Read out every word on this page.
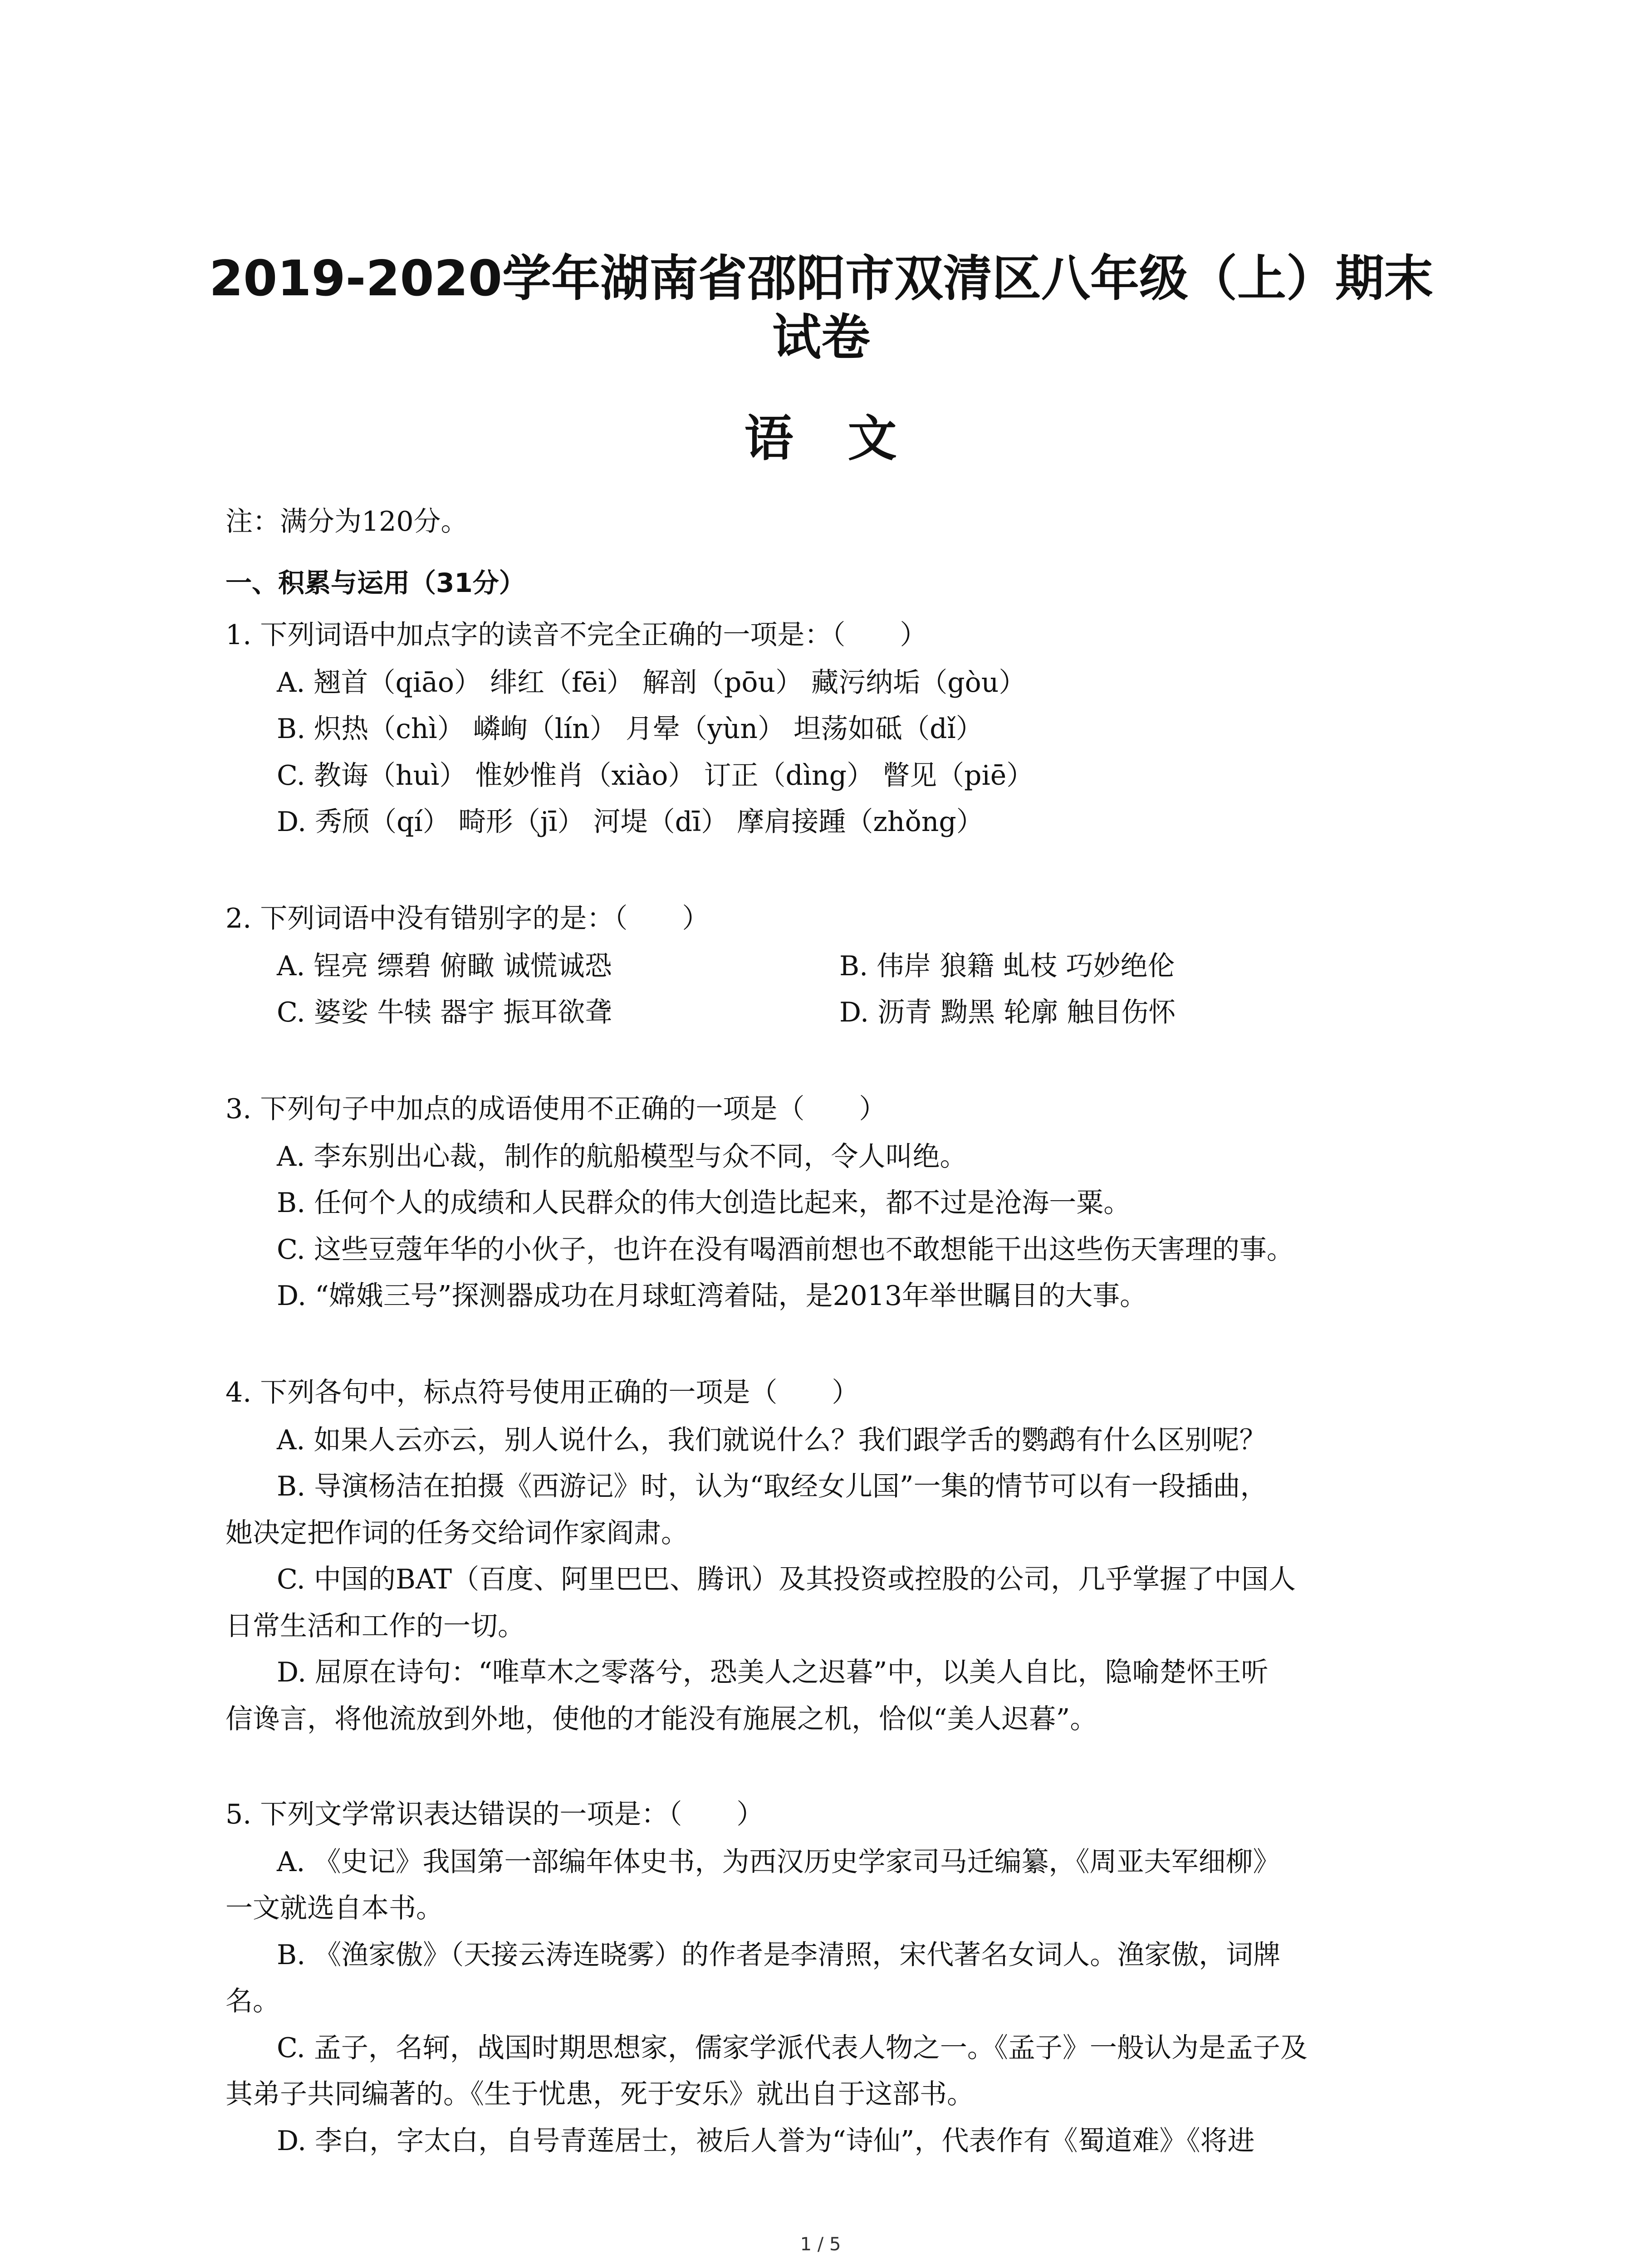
2019-2020学年湖南省邵阳市双清区八年级（上）期末
试卷
语文
注：满分为120分。
一、积累与运用（31分）
1. 下列词语中加点字的读音不完全正确的一项是：（　　）
A. 翘首（qiāo） 绯红（fēi） 解剖（pōu） 藏污纳垢（gòu）
B. 炽热（chì） 嶙峋（lín） 月晕（yùn） 坦荡如砥（dǐ）
C. 教诲（huì） 惟妙惟肖（xiào） 订正（dìng） 瞥见（piē）
D. 秀颀（qí） 畸形（jī） 河堤（dī） 摩肩接踵（zhǒng）
2. 下列词语中没有错别字的是：（　　）
A. 锃亮 缥碧 俯瞰 诚慌诚恐	B. 伟岸 狼籍 虬枝 巧妙绝伦
C. 婆娑 牛犊 器宇 振耳欲聋	D. 沥青 黝黑 轮廓 触目伤怀
3. 下列句子中加点的成语使用不正确的一项是（　　）
A. 李东别出心裁，制作的航船模型与众不同，令人叫绝。
B. 任何个人的成绩和人民群众的伟大创造比起来，都不过是沧海一粟。
C. 这些豆蔻年华的小伙子，也许在没有喝酒前想也不敢想能干出这些伤天害理的事。
D. “嫦娥三号”探测器成功在月球虹湾着陆，是2013年举世瞩目的大事。
4. 下列各句中，标点符号使用正确的一项是（　　）
A. 如果人云亦云，别人说什么，我们就说什么？我们跟学舌的鹦鹉有什么区别呢？
B. 导演杨洁在拍摄《西游记》时，认为“取经女儿国”一集的情节可以有一段插曲，
她决定把作词的任务交给词作家阎肃。
C. 中国的BAT（百度、阿里巴巴、腾讯）及其投资或控股的公司，几乎掌握了中国人
日常生活和工作的一切。
D. 屈原在诗句：“唯草木之零落兮，恐美人之迟暮”中，以美人自比，隐喻楚怀王听
信谗言，将他流放到外地，使他的才能没有施展之机，恰似“美人迟暮”。
5. 下列文学常识表达错误的一项是：（　　）
A. 《史记》我国第一部编年体史书，为西汉历史学家司马迁编纂，《周亚夫军细柳》
一文就选自本书。
B. 《渔家傲》（天接云涛连晓雾）的作者是李清照，宋代著名女词人。渔家傲，词牌
名。
C. 孟子，名轲，战国时期思想家，儒家学派代表人物之一。《孟子》一般认为是孟子及
其弟子共同编著的。《生于忧患，死于安乐》就出自于这部书。
D. 李白，字太白，自号青莲居士，被后人誉为“诗仙”，代表作有《蜀道难》《将进
1 / 5
